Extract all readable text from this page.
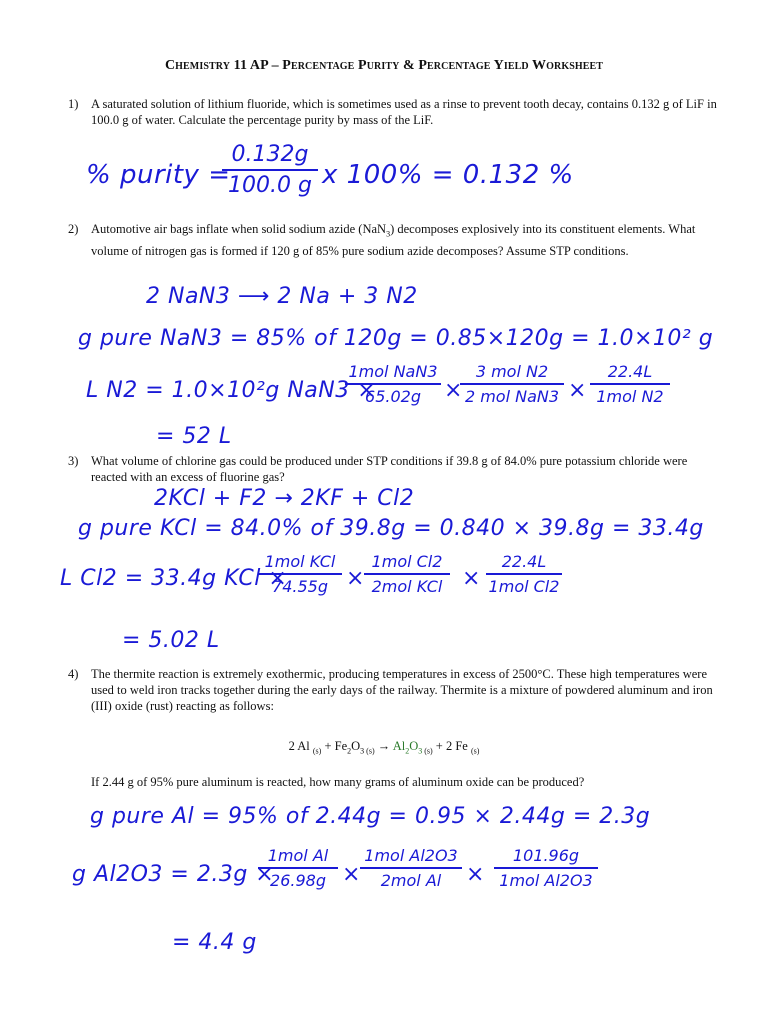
Chemistry 11 AP – Percentage Purity & Percentage Yield Worksheet
1) A saturated solution of lithium fluoride, which is sometimes used as a rinse to prevent tooth decay, contains 0.132 g of LiF in 100.0 g of water. Calculate the percentage purity by mass of the LiF.
% purity =
0.132g
100.0 g x 100% = 0.132 %
2) Automotive air bags inflate when solid sodium azide (NaN$_3$) decomposes explosively into its constituent elements. What volume of nitrogen gas is formed if 120 g of 85% pure sodium azide decomposes? Assume STP conditions.
2 NaN3 ⟶ 2 Na + 3 N2
g pure NaN3 = 85% of 120g = 0.85×120g = 1.0×10² g
L N2 = 1.0×10²g NaN3 ×
1mol NaN3
65.02g	×
3 mol N2
2 mol NaN3 ×
22.4L
1mol N2
= 52 L
3) What volume of chlorine gas could be produced under STP conditions if 39.8 g of 84.0% pure potassium chloride were reacted with an excess of fluorine gas?
2KCl + F2 → 2KF + Cl2
g pure KCl = 84.0% of 39.8g = 0.840 × 39.8g = 33.4g
L Cl2 = 33.4g KCl ×
1mol KCl
74.55g ×
1mol Cl2
2mol KCl ×
22.4L
1mol Cl2
= 5.02 L
4) The thermite reaction is extremely exothermic, producing temperatures in excess of 2500°C. These high temperatures were used to weld iron tracks together during the early days of the railway. Thermite is a mixture of powdered aluminum and iron (III) oxide (rust) reacting as follows:
2 Al $_{(s)} + Fe_2O_3$ $_{(s)} \to Al_2O_3$ $_{(s)}$ + 2 Fe $_{(s)}$
If 2.44 g of 95% pure aluminum is reacted, how many grams of aluminum oxide can be produced?
g pure Al = 95% of 2.44g = 0.95 × 2.44g = 2.3g
g Al2O3 = 2.3g ×
1mol Al
26.98g ×
1mol Al2O3
2mol Al	×
101.96g
1mol Al2O3
= 4.4 g
